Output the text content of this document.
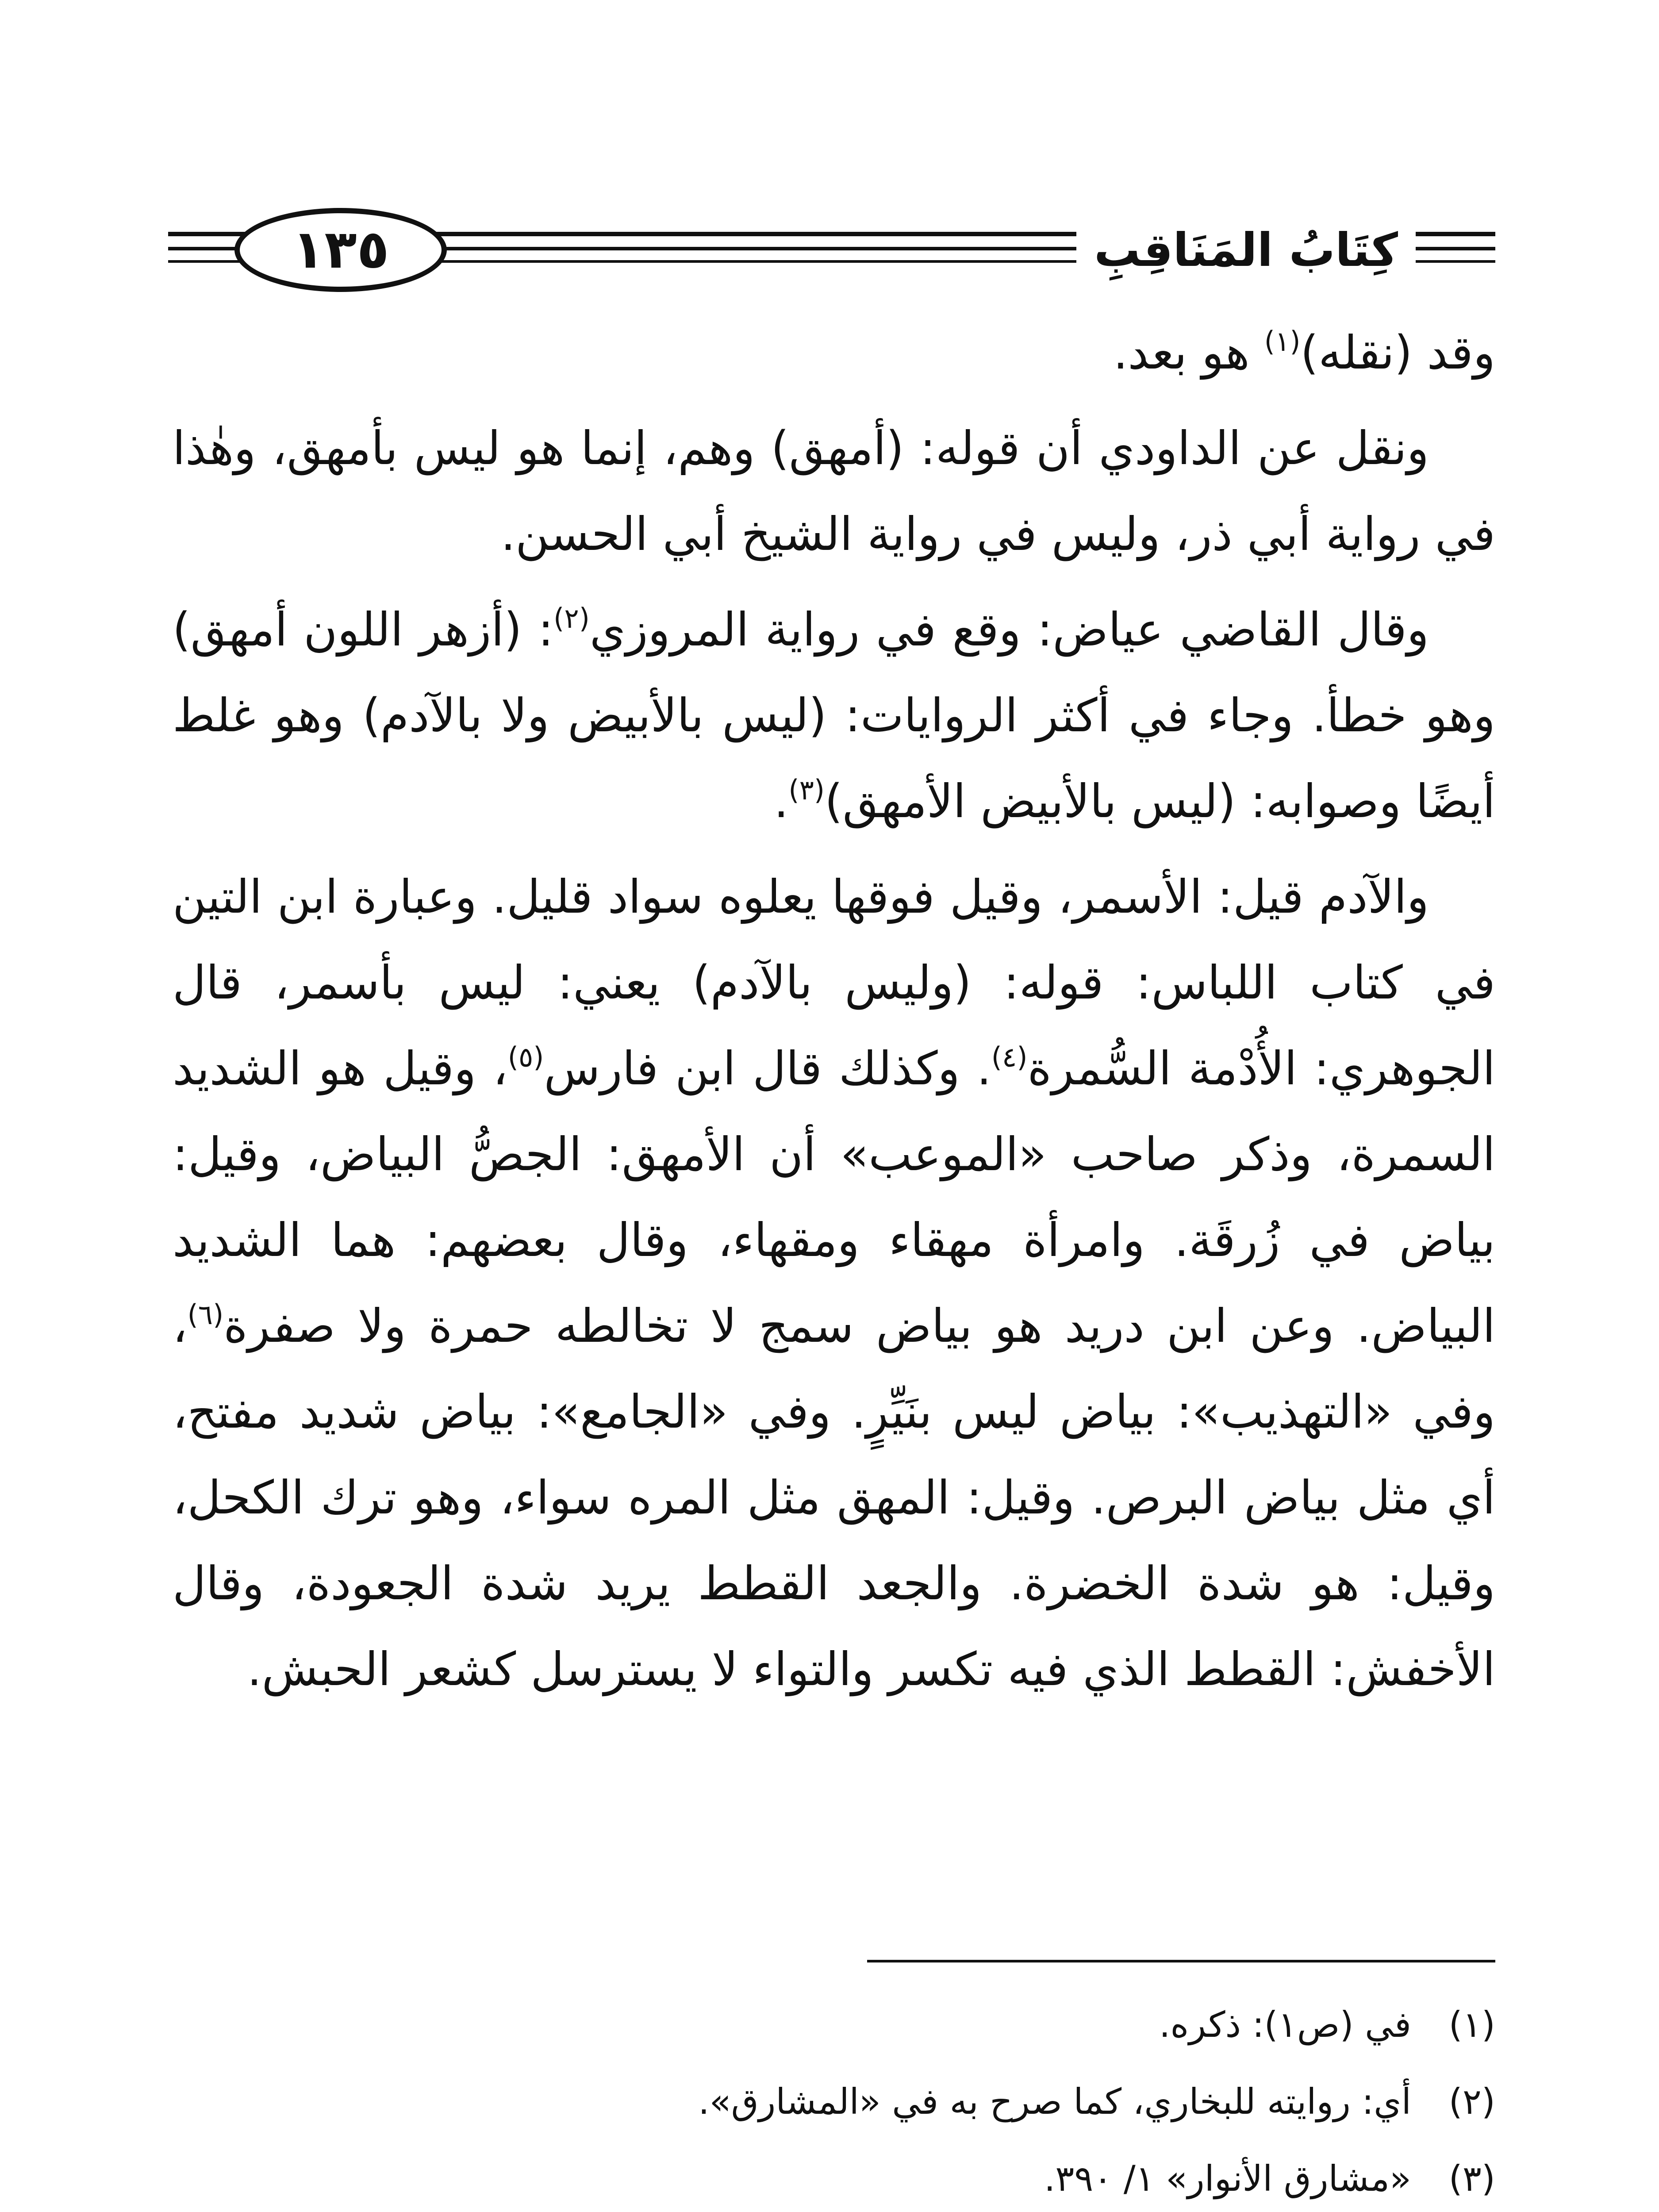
١٣٥	كِتَابُ المَنَاقِبِ

وقد (نقله)$^{(١)}$ هو بعد.

ونقل عن الداودي أن قوله: (أمهق) وهم، إنما هو ليس بأمهق، وهٰذا في رواية أبي ذر، وليس في رواية الشيخ أبي الحسن.

وقال القاضي عياض: وقع في رواية المروزي$^{(٢)}$: (أزهر اللون أمهق) وهو خطأ. وجاء في أكثر الروايات: (ليس بالأبيض ولا بالآدم) وهو غلط أيضًا وصوابه: (ليس بالأبيض الأمهق)$^{(٣)}$.

والآدم قيل: الأسمر، وقيل فوقها يعلوه سواد قليل. وعبارة ابن التين في كتاب اللباس: قوله: (وليس بالآدم) يعني: ليس بأسمر، قال الجوهري: الأُدْمة السُّمرة$^{(٤)}$. وكذلك قال ابن فارس$^{(٥)}$، وقيل هو الشديد السمرة، وذكر صاحب «الموعب» أن الأمهق: الجصُّ البياض، وقيل: بياض في زُرقَة. وامرأة مهقاء ومقهاء، وقال بعضهم: هما الشديد البياض. وعن ابن دريد هو بياض سمج لا تخالطه حمرة ولا صفرة$^{(٦)}$، وفي «التهذيب»: بياض ليس بنَيِّرٍ. وفي «الجامع»: بياض شديد مفتح، أي مثل بياض البرص. وقيل: المهق مثل المره سواء، وهو ترك الكحل، وقيل: هو شدة الخضرة. والجعد القطط يريد شدة الجعودة، وقال الأخفش: القطط الذي فيه تكسر والتواء لا يسترسل كشعر الحبش.

(١)
في (ص١): ذكره.
(٢)
أي: روايته للبخاري، كما صرح به في «المشارق».
(٣)
«مشارق الأنوار» ١/ ٣٩٠.
